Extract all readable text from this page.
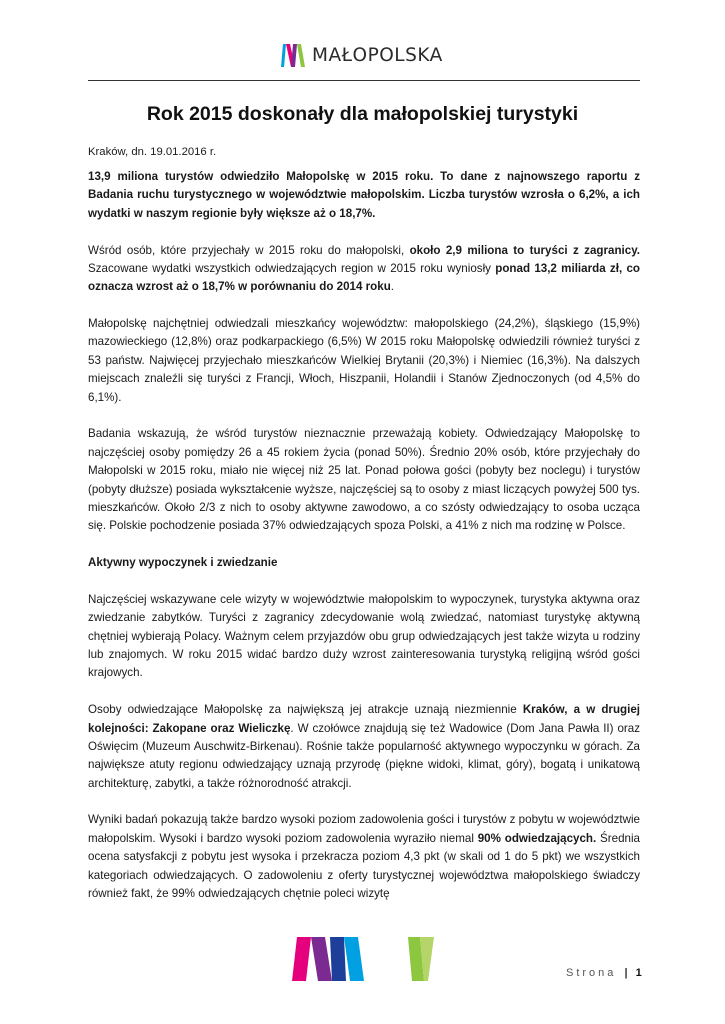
MAŁOPOLSKA
Rok 2015 doskonały dla małopolskiej turystyki
Kraków, dn. 19.01.2016 r.

13,9 miliona turystów odwiedziło Małopolskę w 2015 roku. To dane z najnowszego raportu z Badania ruchu turystycznego w województwie małopolskim. Liczba turystów wzrosła o 6,2%, a ich wydatki w naszym regionie były większe aż o 18,7%.

Wśród osób, które przyjechały w 2015 roku do małopolski, około 2,9 miliona to turyści z zagranicy. Szacowane wydatki wszystkich odwiedzających region w 2015 roku wyniosły ponad 13,2 miliarda zł, co oznacza wzrost aż o 18,7% w porównaniu do 2014 roku.

Małopolskę najchętniej odwiedzali mieszkańcy województw: małopolskiego (24,2%), śląskiego (15,9%) mazowieckiego (12,8%) oraz podkarpackiego (6,5%) W 2015 roku Małopolskę odwiedzili również turyści z 53 państw. Najwięcej przyjechało mieszkańców Wielkiej Brytanii (20,3%) i Niemiec (16,3%). Na dalszych miejscach znaleźli się turyści z Francji, Włoch, Hiszpanii, Holandii i Stanów Zjednoczonych (od 4,5% do 6,1%).

Badania wskazują, że wśród turystów nieznacznie przeważają kobiety. Odwiedzający Małopolskę to najczęściej osoby pomiędzy 26 a 45 rokiem życia (ponad 50%). Średnio 20% osób, które przyjechały do Małopolski w 2015 roku, miało nie więcej niż 25 lat. Ponad połowa gości (pobyty bez noclegu) i turystów (pobyty dłuższe) posiada wykształcenie wyższe, najczęściej są to osoby z miast liczących powyżej 500 tys. mieszkańców. Około 2/3 z nich to osoby aktywne zawodowo, a co szósty odwiedzający to osoba ucząca się. Polskie pochodzenie posiada 37% odwiedzających spoza Polski, a 41% z nich ma rodzinę w Polsce.

Aktywny wypoczynek i zwiedzanie

Najczęściej wskazywane cele wizyty w województwie małopolskim to wypoczynek, turystyka aktywna oraz zwiedzanie zabytków. Turyści z zagranicy zdecydowanie wolą zwiedzać, natomiast turystykę aktywną chętniej wybierają Polacy. Ważnym celem przyjazdów obu grup odwiedzających jest także wizyta u rodziny lub znajomych. W roku 2015 widać bardzo duży wzrost zainteresowania turystyką religijną wśród gości krajowych.

Osoby odwiedzające Małopolskę za największą jej atrakcje uznają niezmiennie Kraków, a w drugiej kolejności: Zakopane oraz Wieliczkę. W czołówce znajdują się też Wadowice (Dom Jana Pawła II) oraz Oświęcim (Muzeum Auschwitz-Birkenau). Rośnie także popularność aktywnego wypoczynku w górach. Za największe atuty regionu odwiedzający uznają przyrodę (piękne widoki, klimat, góry), bogatą i unikatową architekturę, zabytki, a także różnorodność atrakcji.

Wyniki badań pokazują także bardzo wysoki poziom zadowolenia gości i turystów z pobytu w województwie małopolskim. Wysoki i bardzo wysoki poziom zadowolenia wyraziło niemal 90% odwiedzających. Średnia ocena satysfakcji z pobytu jest wysoka i przekracza poziom 4,3 pkt (w skali od 1 do 5 pkt) we wszystkich kategoriach odwiedzających. O zadowoleniu z oferty turystycznej województwa małopolskiego świadczy również fakt, że 99% odwiedzających chętnie poleci wizytę

Strona | 1
